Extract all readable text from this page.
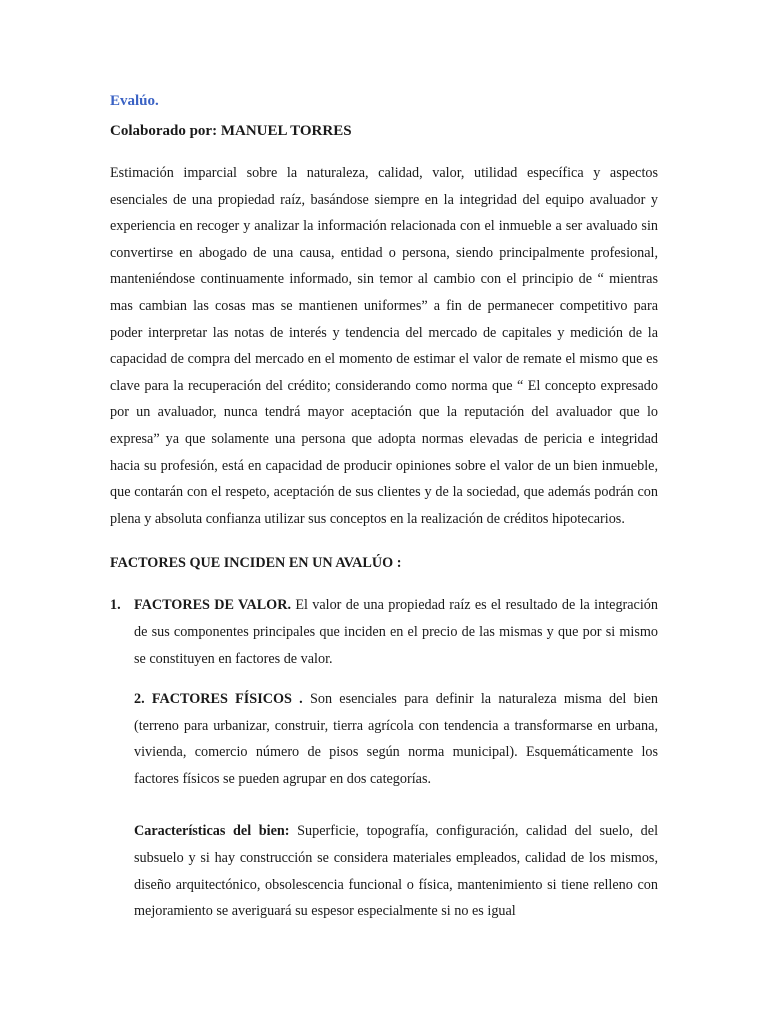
Evalúo.
Colaborado por: MANUEL TORRES

Estimación imparcial sobre la naturaleza, calidad, valor, utilidad específica y aspectos esenciales de una propiedad raíz, basándose siempre en la integridad del equipo avaluador y experiencia en recoger y analizar la información relacionada con el inmueble a ser avaluado sin convertirse en abogado de una causa, entidad o persona, siendo principalmente profesional, manteniéndose continuamente informado, sin temor al cambio con el principio de “ mientras mas cambian las cosas mas se mantienen uniformes” a fin de permanecer competitivo para poder interpretar las notas de interés y tendencia del mercado de capitales y medición de la capacidad de compra del mercado en el momento de estimar el valor de remate el mismo que es clave para la recuperación del crédito; considerando como norma que “ El concepto expresado por un avaluador, nunca tendrá mayor aceptación que la reputación del avaluador que lo expresa” ya que solamente una persona que adopta normas elevadas de pericia e integridad hacia su profesión, está en capacidad de producir opiniones sobre el valor de un bien inmueble, que contarán con el respeto, aceptación de sus clientes y de la sociedad, que además podrán con plena y absoluta confianza utilizar sus conceptos en la realización de créditos hipotecarios.

FACTORES QUE INCIDEN EN UN AVALÚO :
1. FACTORES DE VALOR. El valor de una propiedad raíz es el resultado de la integración de sus componentes principales que inciden en el precio de las mismas y que por si mismo se constituyen en factores de valor.
2. FACTORES FÍSICOS . Son esenciales para definir la naturaleza misma del bien (terreno para urbanizar, construir, tierra agrícola con tendencia a transformarse en urbana, vivienda, comercio número de pisos según norma municipal). Esquemáticamente los factores físicos se pueden agrupar en dos categorías.
Características del bien: Superficie, topografía, configuración, calidad del suelo, del subsuelo y si hay construcción se considera materiales empleados, calidad de los mismos, diseño arquitectónico, obsolescencia funcional o física, mantenimiento si tiene relleno con mejoramiento se averiguará su espesor especialmente si no es igual
